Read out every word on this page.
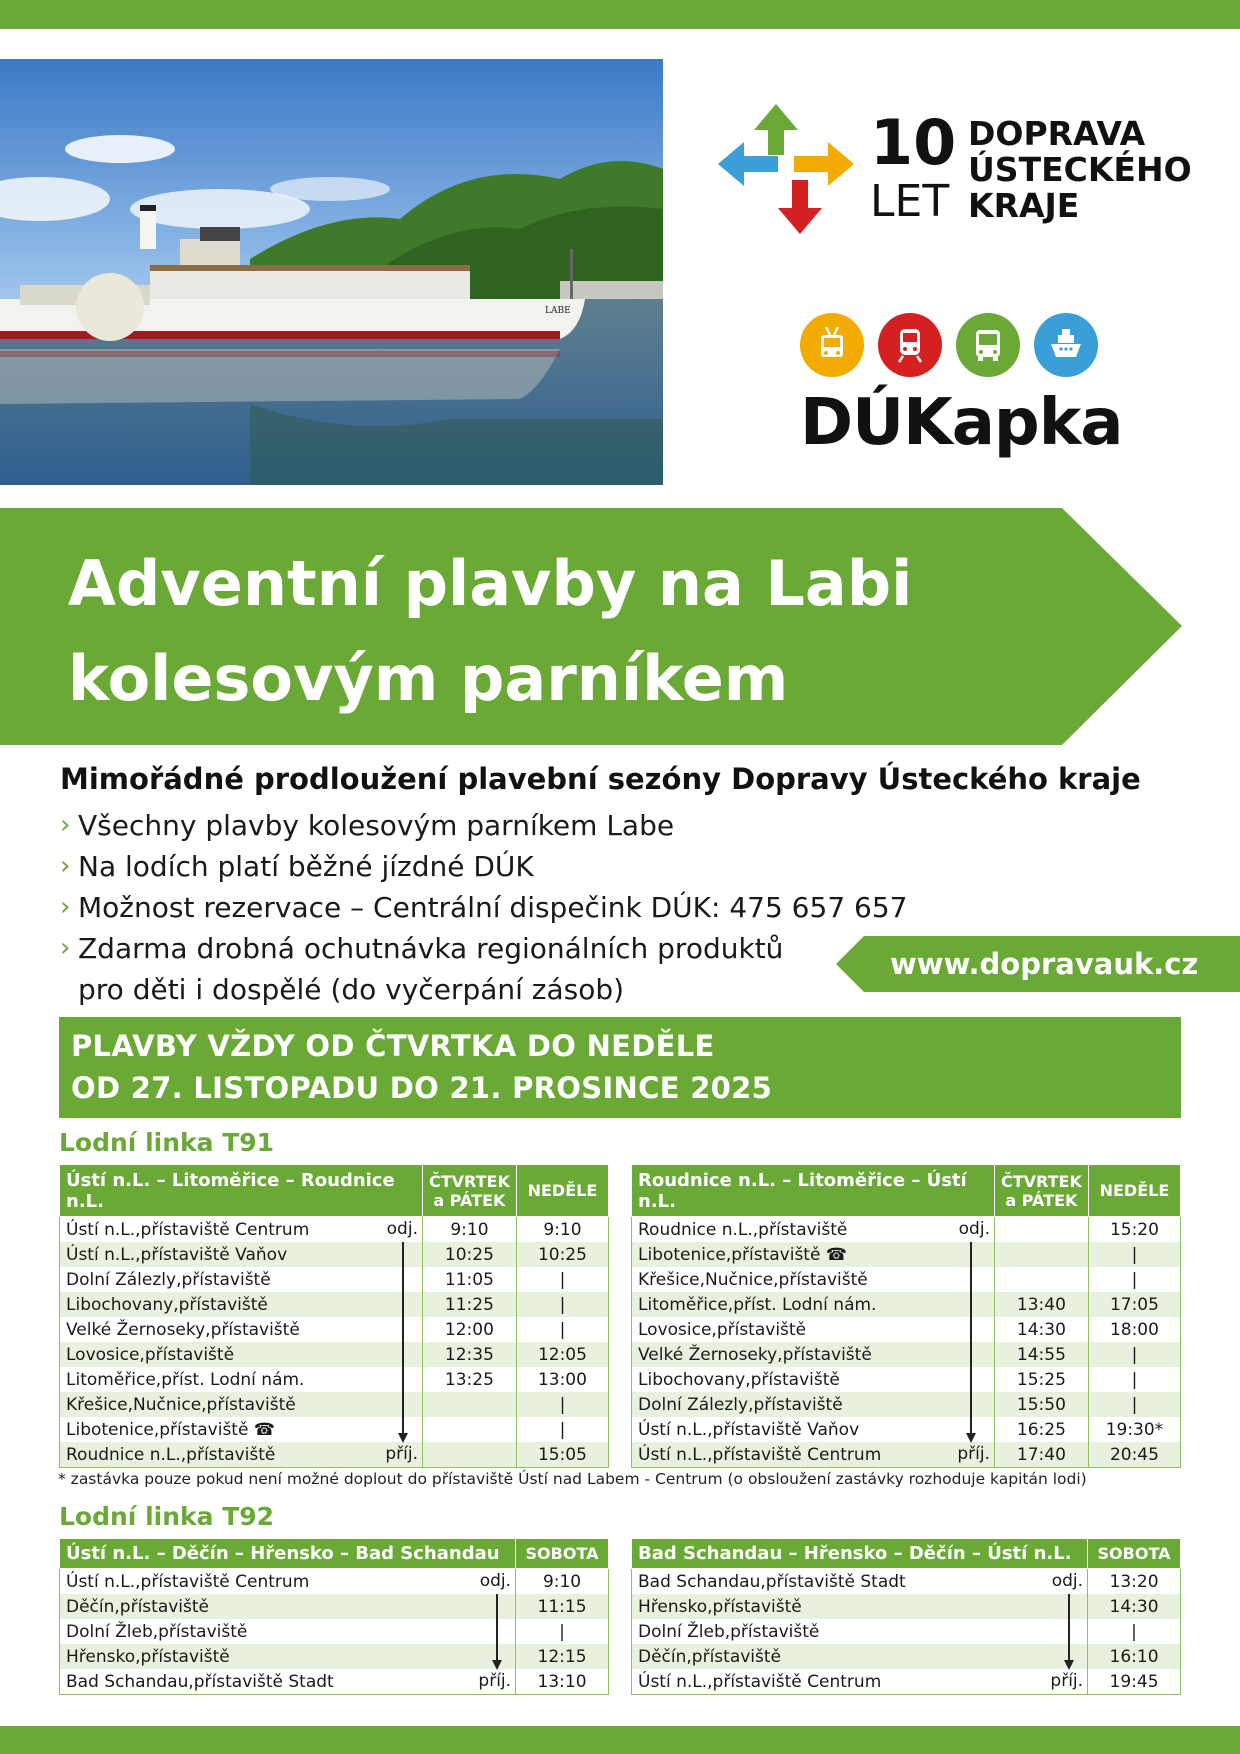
LABE
10
LET
DOPRAVA
ÚSTECKÉHO
KRAJE
DÚKapka
Adventní plavby na Labi
kolesovým parníkem
Mimořádné prodloužení plavební sezóny Dopravy Ústeckého kraje
› Všechny plavby kolesovým parníkem Labe
› Na lodích platí běžné jízdné DÚK
› Možnost rezervace – Centrální dispečink DÚK: 475 657 657
› Zdarma drobná ochutnávka regionálních produktů
pro děti i dospělé (do vyčerpání zásob)
www.dopravauk.cz
PLAVBY VŽDY OD ČTVRTKA DO NEDĚLE
OD 27. LISTOPADU DO 21. PROSINCE 2025
Lodní linka T91
Ústí n.L. – Litoměřice – Roudnice n.L.	ČTVRTEK
a PÁTEK	NEDĚLE
Ústí n.L.,přístaviště Centrum odj.	9:10	9:10
Ústí n.L.,přístaviště Vaňov	10:25	10:25
Dolní Zálezly,přístaviště	11:05	|
Libochovany,přístaviště	11:25	|
Velké Žernoseky,přístaviště	12:00	|
Lovosice,přístaviště	12:35	12:05
Litoměřice,příst. Lodní nám.	13:25	13:00
Křešice,Nučnice,přístaviště		|
Libotenice,přístaviště ☎		|
Roudnice n.L.,přístaviště příj.		15:05
Roudnice n.L. – Litoměřice – Ústí n.L.	ČTVRTEK
a PÁTEK	NEDĚLE
Roudnice n.L.,přístaviště odj.		15:20
Libotenice,přístaviště ☎		|
Křešice,Nučnice,přístaviště		|
Litoměřice,příst. Lodní nám.	13:40	17:05
Lovosice,přístaviště	14:30	18:00
Velké Žernoseky,přístaviště	14:55	|
Libochovany,přístaviště	15:25	|
Dolní Zálezly,přístaviště	15:50	|
Ústí n.L.,přístaviště Vaňov	16:25	19:30*
Ústí n.L.,přístaviště Centrum příj.	17:40	20:45
* zastávka pouze pokud není možné doplout do přístaviště Ústí nad Labem - Centrum (o obsloužení zastávky rozhoduje kapitán lodi)
Lodní linka T92
Ústí n.L. – Děčín – Hřensko – Bad Schandau	SOBOTA
Ústí n.L.,přístaviště Centrum odj.	9:10
Děčín,přístaviště	11:15
Dolní Žleb,přístaviště	|
Hřensko,přístaviště	12:15
Bad Schandau,přístaviště Stadt příj.	13:10
Bad Schandau – Hřensko – Děčín – Ústí n.L.	SOBOTA
Bad Schandau,přístaviště Stadt odj.	13:20
Hřensko,přístaviště	14:30
Dolní Žleb,přístaviště	|
Děčín,přístaviště	16:10
Ústí n.L.,přístaviště Centrum příj.	19:45
